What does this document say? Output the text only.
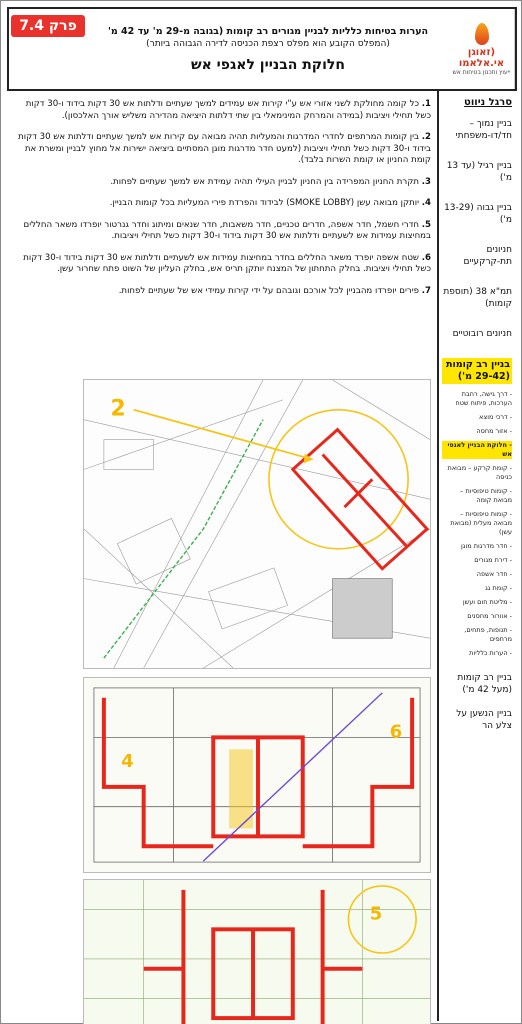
(זאוגן
אי.אלאמו
ייעוץ ותכנון בטיחות אש
הערות בטיחות כלליות לבניין מגורים רב קומות (בגובה מ-29 מ' עד 42 מ'
(המפלס הקובע הוא מפלס רצפת הכניסה לדירה הגבוהה ביותר)
חלוקת הבניין לאגפי אש
פרק 7.4
סרגל ניווט
בניין נמוך – חד/דו-משפחתי
בניין רגיל (עד 13 מ')
בניין גבוה (13-29 מ')
חניונים תת-קרקעיים
תמ"א 38 (תוספת קומות)
חניונים רובוטיים
בניין רב קומות (29-42 מ')
- דרך גישה, רחבת הערכות, פיתוח שטח
- דרכי מוצא
- אזור מחסה
- חלוקת הבניין לאגפי אש
- קומת קרקע – מבואת כניסה
- קומות טיפוסיות – מבואת קומה
- קומות טיפוסיות – מבואה מעלית (מבואת עשן)
- חדר מדרגות מוגן
- דירת מגורים
- חדר אשפה
- קומת גג
- מליטת חום ועשן
- אוורור מחסנים
- תנופות, פתחים, מרתפים
- הערות כלליות
בניין רב קומות (מעל 42 מ')
בניין הנשען על צלע הר

1. כל קומה מחולקת לשני אזורי אש ע"י קירות אש עמידים למשך שעתיים ודלתות אש 30 דקות בידוד ו-30 דקות כשל תחילי ויציבות (במידה והמרחק המינימאלי בין שתי דלתות היציאה מהדירה משליש אורך האלכסון).

2. בין קומות המרתפים לחדרי המדרגות והמעליות תהיה מבואה עם קירות אש למשך שעתיים ודלתות אש 30 דקות בידוד ו-30 דקות כשל תחילי ויציבות (למעט חדר מדרגות מוגן המסתיים ביציאה ישירות אל מחוץ לבניין ומשרת את קומת החניון או קומת השרות בלבד).

3. תקרת החניון המפרידה בין החניון לבניין העילי תהיה עמידת אש למשך שעתיים לפחות.

4. יותקן מבואה עשן (SMOKE LOBBY) לבידוד והפרדת פירי המעליות בכל קומות הבניין.

5. חדרי חשמל, חדר אשפה, חדרים טכניים, חדר משאבות, חדר שנאים ומיתוג וחדר גנרטור יופרדו משאר החללים במחיצות עמידות אש לשעתיים ודלתות אש 30 דקות בידוד ו-30 דקות כשל תחילי ויציבות.

6. שטח אשפה יופרד משאר החללים בחדר במחיצות עמידות אש לשעתיים ודלתות אש 30 דקות בידוד ו-30 דקות כשל תחילי ויציבות. בחלק התחתון של המצנח יותקן תריס אש, בחלק העליון של השוט פתח שחרור עשן.

7. פירים יופרדו מהבניין לכל אורכם וגובהם על ידי קירות עמידי אש של שעתיים לפחות.

2
4
6
5
